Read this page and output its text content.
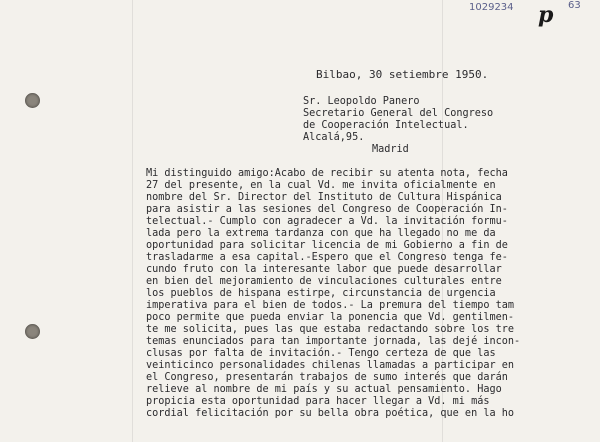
1029234 p 63
Bilbao, 30 setiembre 1950.
Sr. Leopoldo Panero
Secretario General del Congreso
de Cooperación Intelectual.
Alcalá,95.
Madrid
Mi distinguido amigo:Acabo de recibir su atenta nota, fecha
27 del presente, en la cual Vd. me invita oficialmente en
nombre del Sr. Director del Instituto de Cultura Hispánica
para asistir a las sesiones del Congreso de Cooperación In-
telectual.- Cumplo con agradecer a Vd. la invitación formu-
lada pero la extrema tardanza con que ha llegado no me da
oportunidad para solicitar licencia de mi Gobierno a fin de
trasladarme a esa capital.-Espero que el Congreso tenga fe-
cundo fruto con la interesante labor que puede desarrollar
en bien del mejoramiento de vinculaciones culturales entre
los pueblos de hispana estirpe, circunstancia de urgencia
imperativa para el bien de todos.- La premura del tiempo tam
poco permite que pueda enviar la ponencia que Vd. gentilmen-
te me solicita, pues las que estaba redactando sobre los tre
temas enunciados para tan importante jornada, las dejé incon-
clusas por falta de invitación.- Tengo certeza de que las
veinticinco personalidades chilenas llamadas a participar en
el Congreso, presentarán trabajos de sumo interés que darán
relieve al nombre de mi país y su actual pensamiento. Hago
propicia esta oportunidad para hacer llegar a Vd. mi más
cordial felicitación por su bella obra poética, que en la ho
